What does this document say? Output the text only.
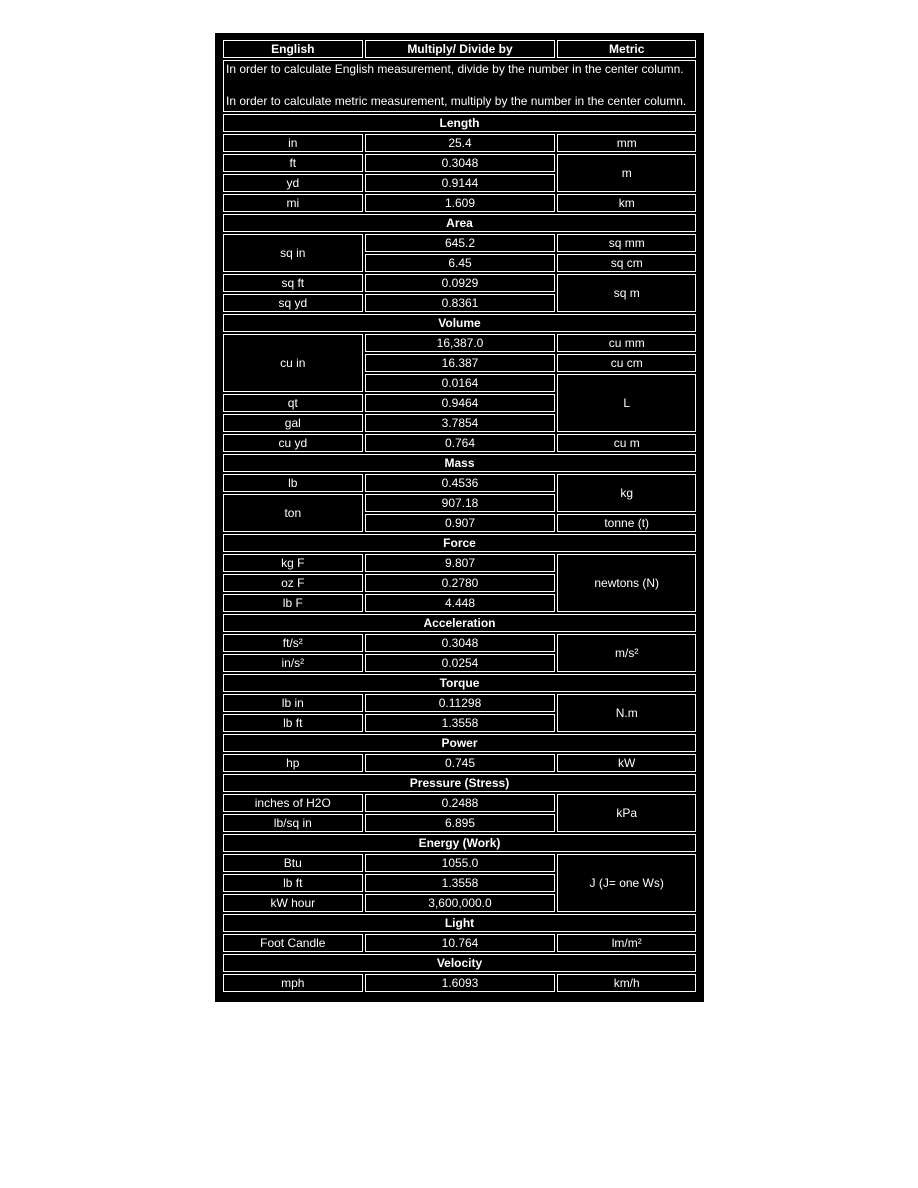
English	Multiply/ Divide by	Metric

In order to calculate English measurement, divide by the number in the center column.

In order to calculate metric measurement, multiply by the number in the center column.		

Length		
in	25.4	mm
ft	0.3048	m
yd	0.9144	
mi	1.609	km
Area		
sq in	645.2	sq mm
	6.45	sq cm
sq ft	0.0929	sq m
sq yd	0.8361	
Volume		
cu in	16,387.0	cu mm
	16.387	cu cm
	0.0164	L
qt	0.9464	
gal	3.7854	
cu yd	0.764	cu m
Mass		
lb	0.4536	kg
ton	907.18	
	0.907	tonne (t)
Force		
kg F	9.807	newtons (N)
oz F	0.2780	
lb F	4.448	
Acceleration		
ft/s²	0.3048	m/s²
in/s²	0.0254	
Torque		
lb in	0.11298	N.m
lb ft	1.3558	
Power		
hp	0.745	kW
Pressure (Stress)		
inches of H2O	0.2488	kPa
lb/sq in	6.895	
Energy (Work)		
Btu	1055.0	J (J= one Ws)
lb ft	1.3558	
kW hour	3,600,000.0	
Light		
Foot Candle	10.764	lm/m²
Velocity		
mph	1.6093	km/h
